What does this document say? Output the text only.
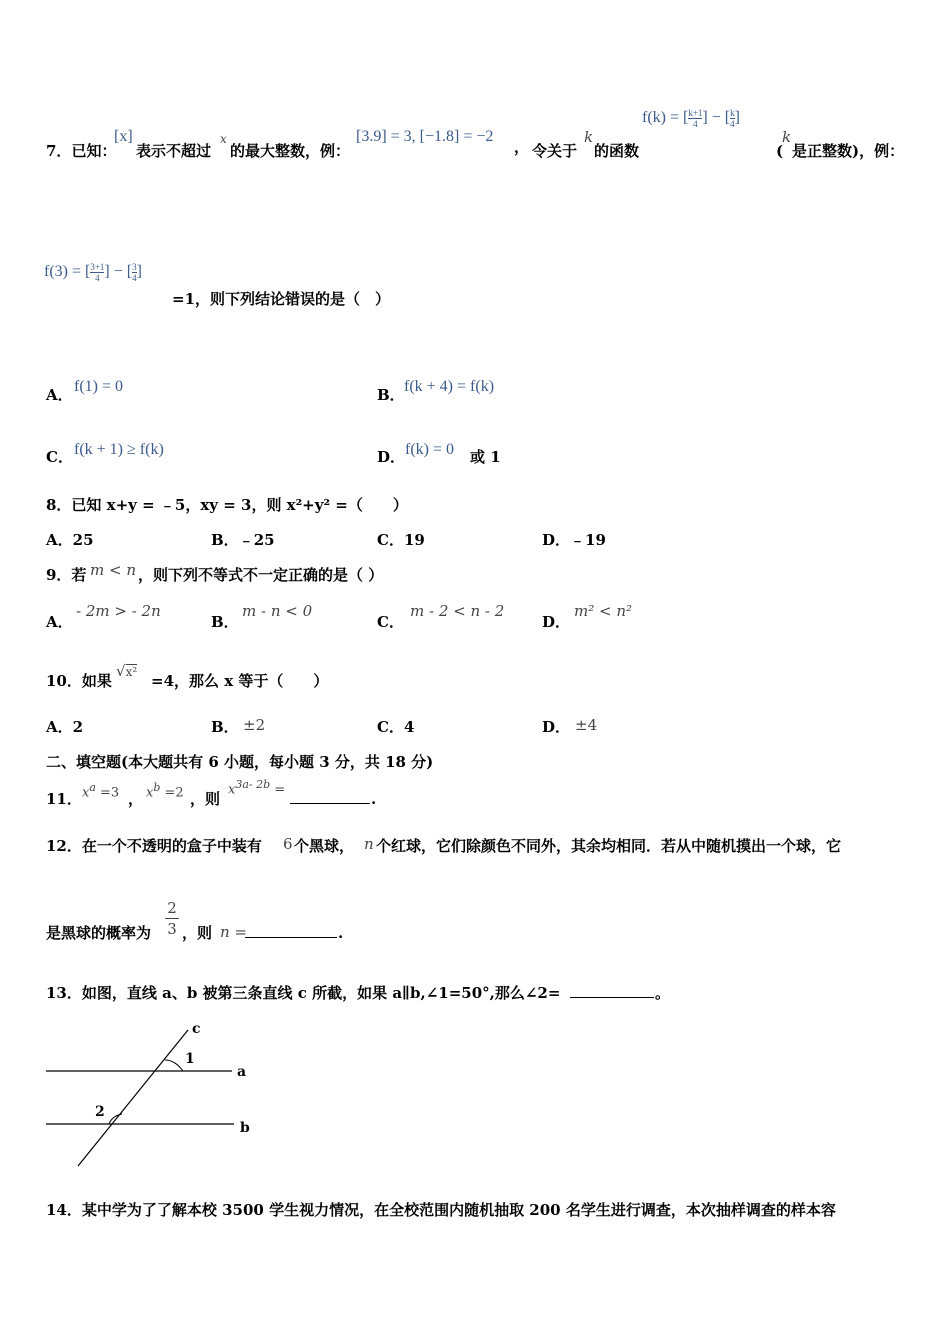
7．已知：
[x]
表示不超过
x
的最大整数，例：
[3.9] = 3, [−1.8] = −2
， 令关于
k
的函数
f(k) = [ $\frac{k+1}{4}$ ] − [ $\frac{k}{4}$ ]
(
k
是正整数)，例：
f(3) = [ $\frac{3+1}{4}$ ] − [ $\frac{3}{4}$ ]
=1，则下列结论错误的是（　）
A． f(1) = 0	B． f(k + 4) = f(k)
C． f(k + 1) ≥ f(k)	D． f(k) = 0 或 1
8．已知 x+y = ﹣5，xy = 3，则 x²+y² =（　　）
A．25	B．﹣25	C．19	D．﹣19
9．若 m < n ，则下列不等式不一定正确的是（ ）
A．
- 2m > - 2n
B．
m - n < 0
C．
m - 2 < n - 2
D．
m² < n²
10．如果
√x² =4，那么 x 等于（　　）
A．2	B． ±2	C．4	D． ±4
二、填空题(本大题共有 6 小题，每小题 3 分，共 18 分)
11． $x^a =3$ ， $x^b =2$ ，则
$x^{3a- 2b}$ =
.
12．在一个不透明的盒子中装有 6 个黑球， n 个红球，它们除颜色不同外，其余均相同．若从中随机摸出一个球，它
是黑球的概率为
2
3 ，则 n =	.
13．如图，直线 a、b 被第三条直线 c 所截，如果 a∥b,∠1=50°,那么∠2=	。
c
1
a
2
b
14．某中学为了了解本校 3500 学生视力情况，在全校范围内随机抽取 200 名学生进行调查，本次抽样调查的样本容
